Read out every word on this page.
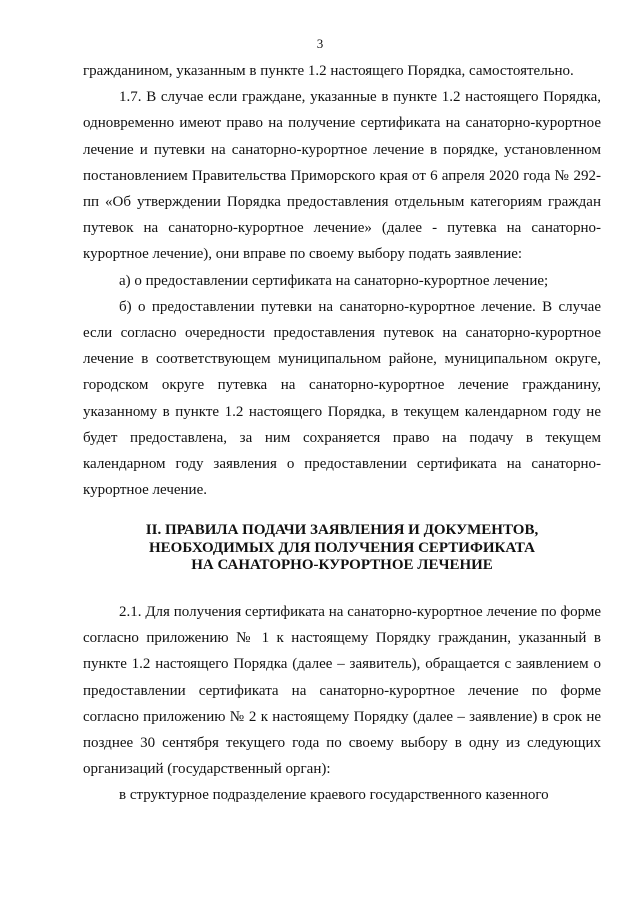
3

гражданином, указанным в пункте 1.2 настоящего Порядка, самостоятельно.

1.7. В случае если граждане, указанные в пункте 1.2 настоящего Порядка, одновременно имеют право на получение сертификата на санаторно-курортное лечение и путевки на санаторно-курортное лечение в порядке, установленном постановлением Правительства Приморского края от 6 апреля 2020 года № 292-пп «Об утверждении Порядка предоставления отдельным категориям граждан путевок на санаторно-курортное лечение» (далее - путевка на санаторно-курортное лечение), они вправе по своему выбору подать заявление:

а) о предоставлении сертификата на санаторно-курортное лечение;

б) о предоставлении путевки на санаторно-курортное лечение. В случае если согласно очередности предоставления путевок на санаторно-курортное лечение в соответствующем муниципальном районе, муниципальном округе, городском округе путевка на санаторно-курортное лечение гражданину, указанному в пункте 1.2 настоящего Порядка, в текущем календарном году не будет предоставлена, за ним сохраняется право на подачу в текущем календарном году заявления о предоставлении сертификата на санаторно-курортное лечение.

II. ПРАВИЛА ПОДАЧИ ЗАЯВЛЕНИЯ И ДОКУМЕНТОВ,
НЕОБХОДИМЫХ ДЛЯ ПОЛУЧЕНИЯ СЕРТИФИКАТА
НА САНАТОРНО-КУРОРТНОЕ ЛЕЧЕНИЕ

2.1. Для получения сертификата на санаторно-курортное лечение по форме согласно приложению № 1 к настоящему Порядку гражданин, указанный в пункте 1.2 настоящего Порядка (далее – заявитель), обращается с заявлением о предоставлении сертификата на санаторно-курортное лечение по форме согласно приложению № 2 к настоящему Порядку (далее – заявление) в срок не позднее 30 сентября текущего года по своему выбору в одну из следующих организаций (государственный орган):

в структурное подразделение краевого государственного казенного
